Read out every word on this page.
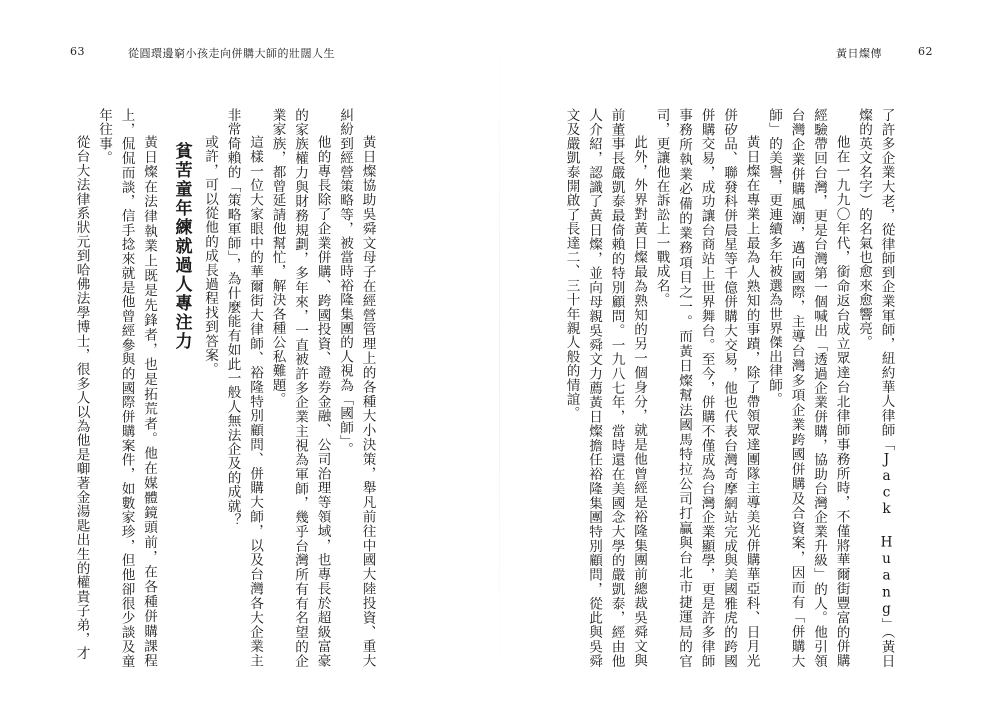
63	從圓環邊窮小孩走向併購大師的壯闊人生	黃日燦傳	62

了許多企業大老，從律師到企業軍師，紐約華人律師「Jack Huang」（黃日燦的英文名字）的名氣也愈來愈響亮。

他在一九九〇年代，銜命返台成立眾達台北律師事務所時，不僅將華爾街豐富的併購經驗帶回台灣，更是台灣第一個喊出「透過企業併購，協助台灣企業升級」的人。他引領台灣企業併購風潮，邁向國際，主導台灣多項企業跨國併購及合資案，因而有「併購大師」的美譽，更連續多年被選為世界傑出律師。

黃日燦在專業上最為人熟知的事蹟，除了帶領眾達團隊主導美光併購華亞科、日月光併矽品、聯發科併晨星等千億併購大交易，他也代表台灣奇摩網站完成與美國雅虎的跨國併購交易，成功讓台商站上世界舞台。至今，併購不僅成為台灣企業顯學，更是許多律師事務所執業必備的業務項目之一。而黃日燦幫法國馬特拉公司打贏與台北市捷運局的官司，更讓他在訴訟上一戰成名。

此外，外界對黃日燦最為熟知的另一個身分，就是他曾經是裕隆集團前總裁吳舜文與前董事長嚴凱泰最倚賴的特別顧問。一九八七年，當時還在美國念大學的嚴凱泰，經由他人介紹，認識了黃日燦，並向母親吳舜文力薦黃日燦擔任裕隆集團特別顧問，從此與吳舜文及嚴凱泰開啟了長達二、三十年親人般的情誼。

黃日燦協助吳舜文母子在經營管理上的各種大小決策，舉凡前往中國大陸投資、重大糾紛到經營策略等，被當時裕隆集團的人視為「國師」。

他的專長除了企業併購、跨國投資、證券金融、公司治理等領域，也專長於超級富豪的家族權力與財務規劃，多年來，一直被許多企業主視為軍師，幾乎台灣所有有名望的企業家族，都曾延請他幫忙，解決各種公私難題。

這樣一位大家眼中的華爾街大律師、裕隆特別顧問、併購大師，以及台灣各大企業主非常倚賴的「策略軍師」，為什麼能有如此一般人無法企及的成就？

或許，可以從他的成長過程找到答案。

貧苦童年練就過人專注力

黃日燦在法律執業上既是先鋒者，也是拓荒者。他在媒體鏡頭前，在各種併購課程上，侃侃而談，信手捻來就是他曾經參與的國際併購案件，如數家珍，但他卻很少談及童年往事。

從台大法律系狀元到哈佛法學博士，很多人以為他是啣著金湯匙出生的權貴子弟，才
